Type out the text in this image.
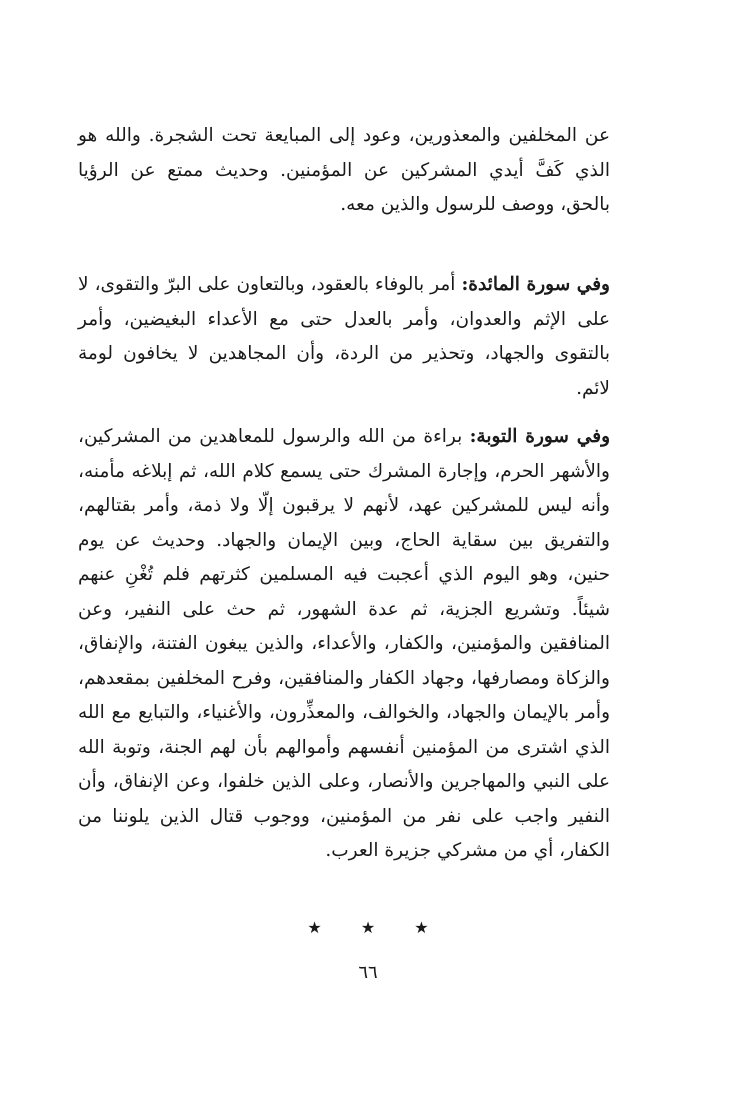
عن المخلفين والمعذورين، وعود إلى المبايعة تحت الشجرة. والله هو الذي كَفَّ أيدي المشركين عن المؤمنين. وحديث ممتع عن الرؤيا بالحق، ووصف للرسول والذين معه.

وفي سورة المائدة: أمر بالوفاء بالعقود، وبالتعاون على البرّ والتقوى، لا على الإثم والعدوان، وأمر بالعدل حتى مع الأعداء البغيضين، وأمر بالتقوى والجهاد، وتحذير من الردة، وأن المجاهدين لا يخافون لومة لائم.

وفي سورة التوبة: براءة من الله والرسول للمعاهدين من المشركين، والأشهر الحرم، وإجارة المشرك حتى يسمع كلام الله، ثم إبلاغه مأمنه، وأنه ليس للمشركين عهد، لأنهم لا يرقبون إلّا ولا ذمة، وأمر بقتالهم، والتفريق بين سقاية الحاج، وبين الإيمان والجهاد. وحديث عن يوم حنين، وهو اليوم الذي أعجبت فيه المسلمين كثرتهم فلم تُغْنِ عنهم شيئاً. وتشريع الجزية، ثم عدة الشهور، ثم حث على النفير، وعن المنافقين والمؤمنين، والكفار، والأعداء، والذين يبغون الفتنة، والإنفاق، والزكاة ومصارفها، وجهاد الكفار والمنافقين، وفرح المخلفين بمقعدهم، وأمر بالإيمان والجهاد، والخوالف، والمعذِّرون، والأغنياء، والتبايع مع الله الذي اشترى من المؤمنين أنفسهم وأموالهم بأن لهم الجنة، وتوبة الله على النبي والمهاجرين والأنصار، وعلى الذين خلفوا، وعن الإنفاق، وأن النفير واجب على نفر من المؤمنين، ووجوب قتال الذين يلوننا من الكفار، أي من مشركي جزيرة العرب.

★ ★ ★
٦٦
